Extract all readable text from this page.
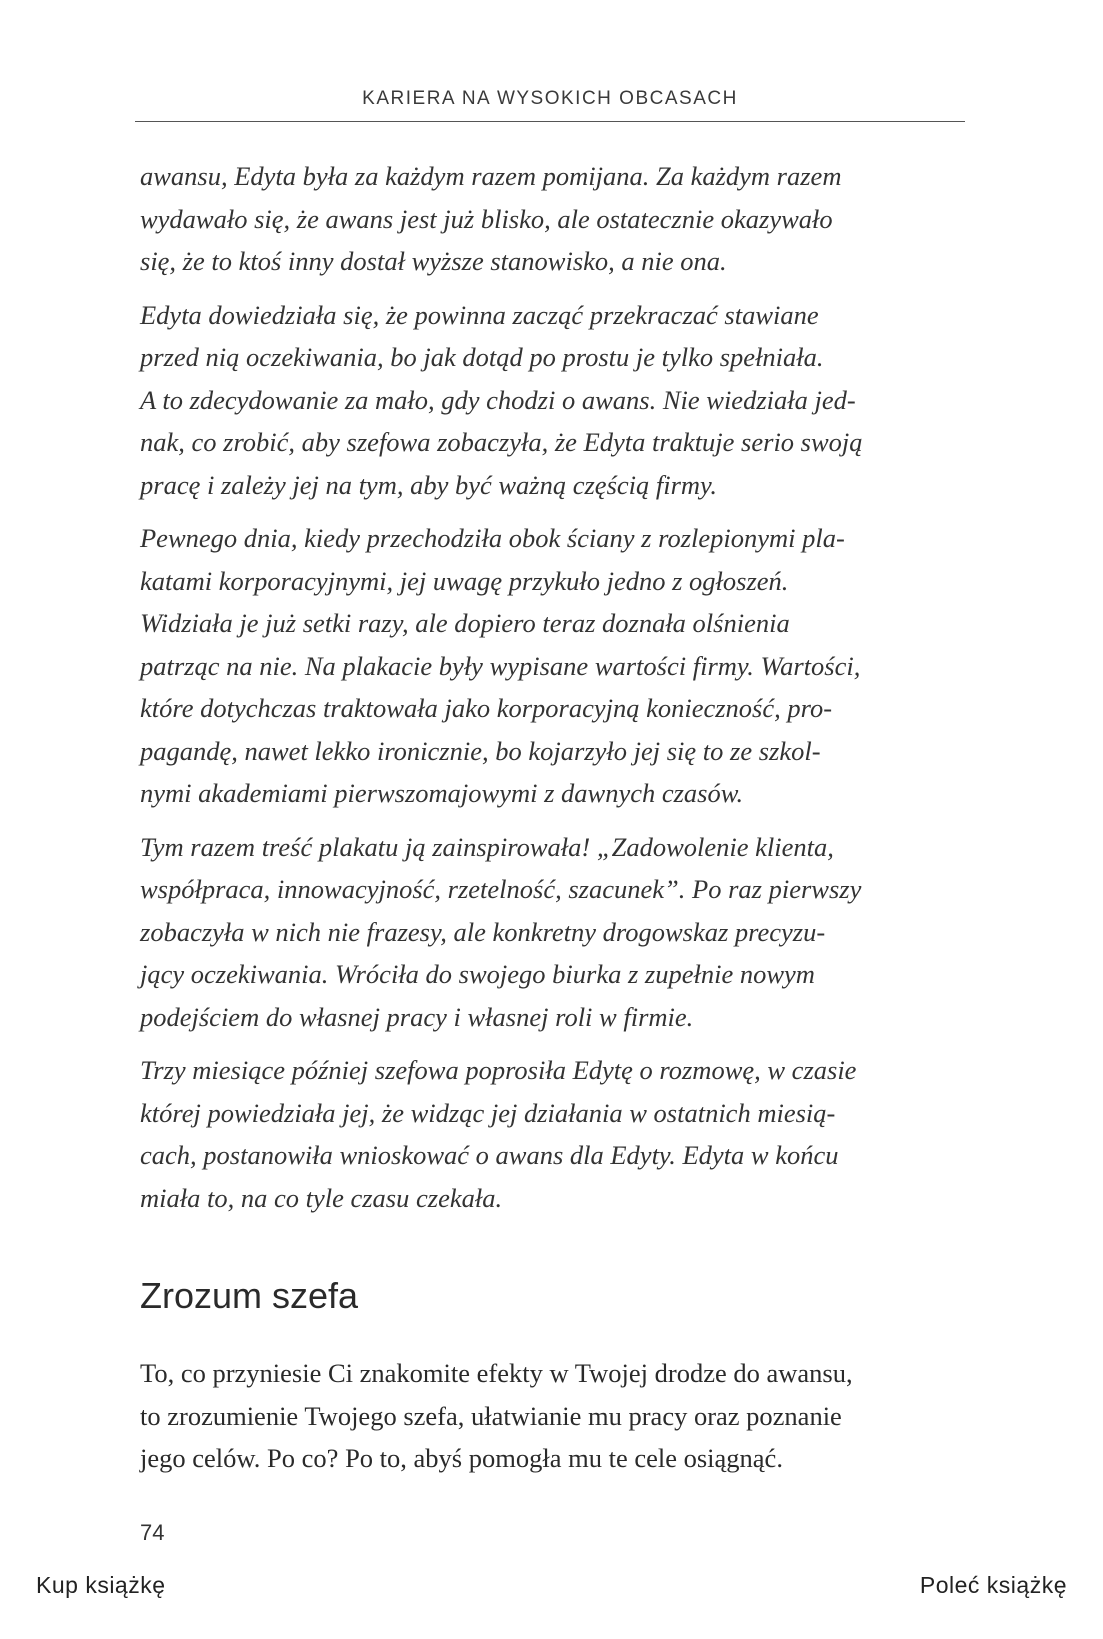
KARIERA NA WYSOKICH OBCASACH

awansu, Edyta była za każdym razem pomijana. Za każdym razem
wydawało się, że awans jest już blisko, ale ostatecznie okazywało
się, że to ktoś inny dostał wyższe stanowisko, a nie ona.

Edyta dowiedziała się, że powinna zacząć przekraczać stawiane
przed nią oczekiwania, bo jak dotąd po prostu je tylko spełniała.
A to zdecydowanie za mało, gdy chodzi o awans. Nie wiedziała jed-
nak, co zrobić, aby szefowa zobaczyła, że Edyta traktuje serio swoją
pracę i zależy jej na tym, aby być ważną częścią firmy.

Pewnego dnia, kiedy przechodziła obok ściany z rozlepionymi pla-
katami korporacyjnymi, jej uwagę przykuło jedno z ogłoszeń.
Widziała je już setki razy, ale dopiero teraz doznała olśnienia
patrząc na nie. Na plakacie były wypisane wartości firmy. Wartości,
które dotychczas traktowała jako korporacyjną konieczność, pro-
pagandę, nawet lekko ironicznie, bo kojarzyło jej się to ze szkol-
nymi akademiami pierwszomajowymi z dawnych czasów.

Tym razem treść plakatu ją zainspirowała! „Zadowolenie klienta,
współpraca, innowacyjność, rzetelność, szacunek”. Po raz pierwszy
zobaczyła w nich nie frazesy, ale konkretny drogowskaz precyzu-
jący oczekiwania. Wróciła do swojego biurka z zupełnie nowym
podejściem do własnej pracy i własnej roli w firmie.

Trzy miesiące później szefowa poprosiła Edytę o rozmowę, w czasie
której powiedziała jej, że widząc jej działania w ostatnich miesią-
cach, postanowiła wnioskować o awans dla Edyty. Edyta w końcu
miała to, na co tyle czasu czekała.

Zrozum szefa

To, co przyniesie Ci znakomite efekty w Twojej drodze do awansu,
to zrozumienie Twojego szefa, ułatwianie mu pracy oraz poznanie
jego celów. Po co? Po to, abyś pomogła mu te cele osiągnąć.

74
Kup książkę	Poleć książkę
